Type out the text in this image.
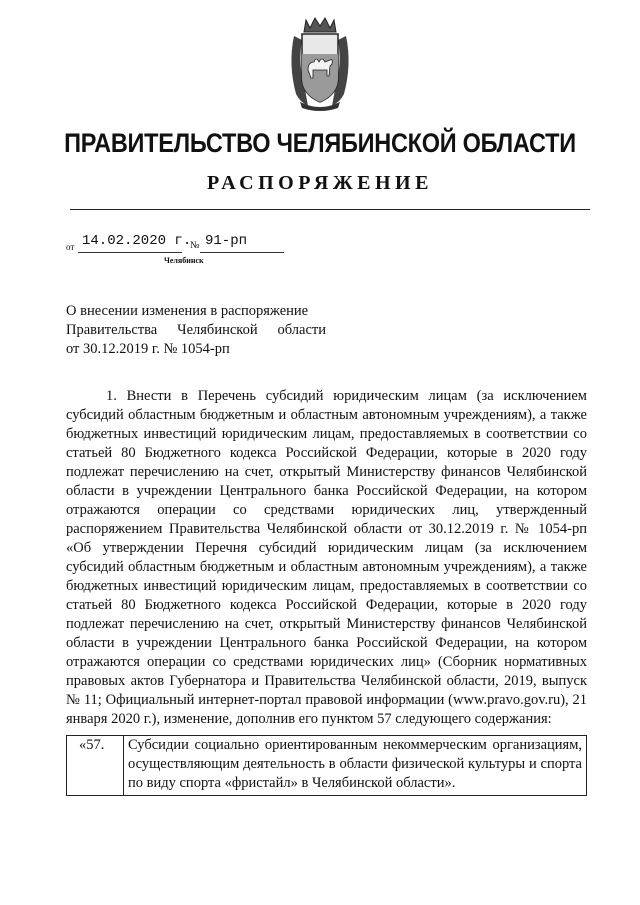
ПРАВИТЕЛЬСТВО ЧЕЛЯБИНСКОЙ ОБЛАСТИ
РАСПОРЯЖЕНИЕ
от 14.02.2020 г.
№ 91-рп
Челябинск
О внесении изменения в распоряжение
Правительства Челябинской области
от 30.12.2019 г. № 1054-рп

1. Внести в Перечень субсидий юридическим лицам (за исключением субсидий областным бюджетным и областным автономным учреждениям), а также бюджетных инвестиций юридическим лицам, предоставляемых в соответствии со статьей 80 Бюджетного кодекса Российской Федерации, которые в 2020 году подлежат перечислению на счет, открытый Министерству финансов Челябинской области в учреждении Центрального банка Российской Федерации, на котором отражаются операции со средствами юридических лиц, утвержденный распоряжением Правительства Челябинской области от 30.12.2019 г. № 1054-рп «Об утверждении Перечня субсидий юридическим лицам (за исключением субсидий областным бюджетным и областным автономным учреждениям), а также бюджетных инвестиций юридическим лицам, предоставляемых в соответствии со статьей 80 Бюджетного кодекса Российской Федерации, которые в 2020 году подлежат перечислению на счет, открытый Министерству финансов Челябинской области в учреждении Центрального банка Российской Федерации, на котором отражаются операции со средствами юридических лиц» (Сборник нормативных правовых актов Губернатора и Правительства Челябинской области, 2019, выпуск № 11; Официальный интернет-портал правовой информации (www.pravo.gov.ru), 21 января 2020 г.), изменение, дополнив его пунктом 57 следующего содержания:

«57.	Субсидии социально ориентированным некоммерческим организациям, осуществляющим деятельность в области физической культуры и спорта по виду спорта «фристайл» в Челябинской области».
